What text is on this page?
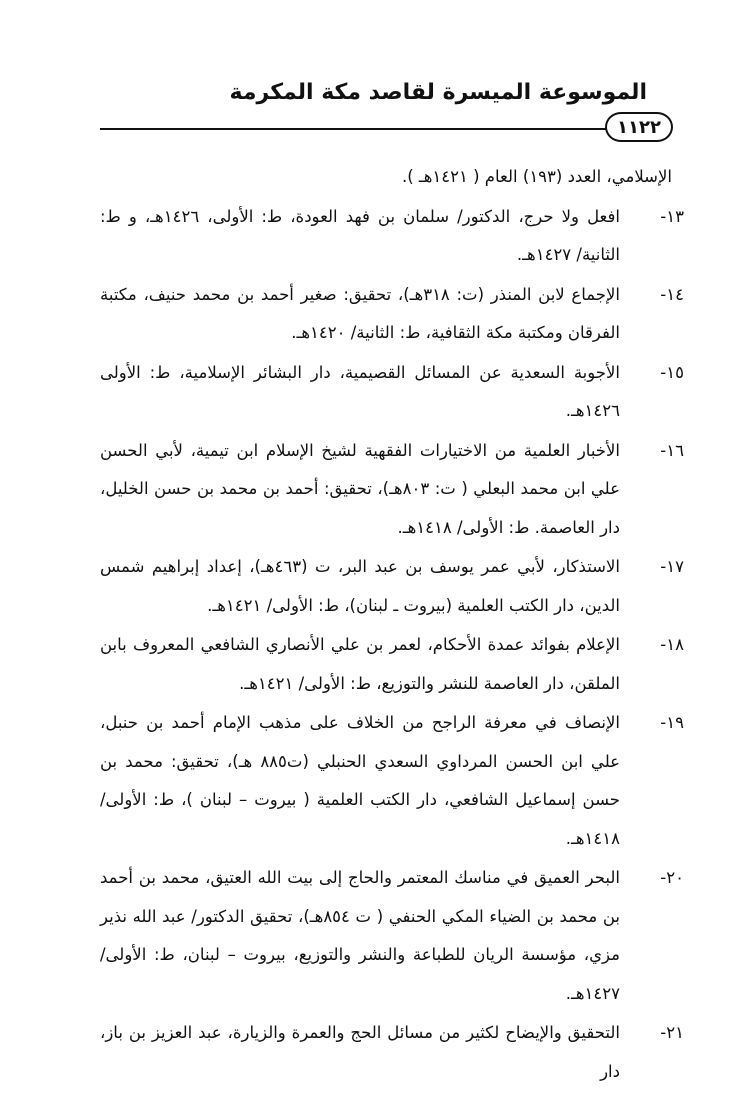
الموسوعة الميسرة لقاصد مكة المكرمة
١١٢٢
الإسلامي، العدد (١٩٣) العام ( ١٤٢١هـ ).
١٣-
افعل ولا حرج، الدكتور/ سلمان بن فهد العودة، ط: الأولى، ١٤٢٦هـ، و ط: الثانية/ ١٤٢٧هـ.
١٤-
الإجماع لابن المنذر (ت: ٣١٨هـ)، تحقيق: صغير أحمد بن محمد حنيف، مكتبة الفرقان ومكتبة مكة الثقافية، ط: الثانية/ ١٤٢٠هـ.
١٥-
الأجوبة السعدية عن المسائل القصيمية، دار البشائر الإسلامية، ط: الأولى ١٤٢٦هـ.
١٦-
الأخبار العلمية من الاختيارات الفقهية لشيخ الإسلام ابن تيمية، لأبي الحسن علي ابن محمد البعلي ( ت: ٨٠٣هـ)، تحقيق: أحمد بن محمد بن حسن الخليل، دار العاصمة. ط: الأولى/ ١٤١٨هـ.
١٧-
الاستذكار، لأبي عمر يوسف بن عبد البر، ت (٤٦٣هـ)، إعداد إبراهيم شمس الدين، دار الكتب العلمية (بيروت ـ لبنان)، ط: الأولى/ ١٤٢١هـ.
١٨-
الإعلام بفوائد عمدة الأحكام، لعمر بن علي الأنصاري الشافعي المعروف بابن الملقن، دار العاصمة للنشر والتوزيع، ط: الأولى/ ١٤٢١هـ.
١٩-
الإنصاف في معرفة الراجح من الخلاف على مذهب الإمام أحمد بن حنبل، علي ابن الحسن المرداوي السعدي الحنبلي (ت٨٨٥ هـ)، تحقيق: محمد بن حسن إسماعيل الشافعي، دار الكتب العلمية ( بيروت – لبنان )، ط: الأولى/ ١٤١٨هـ.
٢٠-
البحر العميق في مناسك المعتمر والحاج إلى بيت الله العتيق، محمد بن أحمد بن محمد بن الضياء المكي الحنفي ( ت ٨٥٤هـ)، تحقيق الدكتور/ عبد الله نذير مزي، مؤسسة الريان للطباعة والنشر والتوزيع، بيروت – لبنان، ط: الأولى/ ١٤٢٧هـ.
٢١-
التحقيق والإيضاح لكثير من مسائل الحج والعمرة والزيارة، عبد العزيز بن باز، دار
